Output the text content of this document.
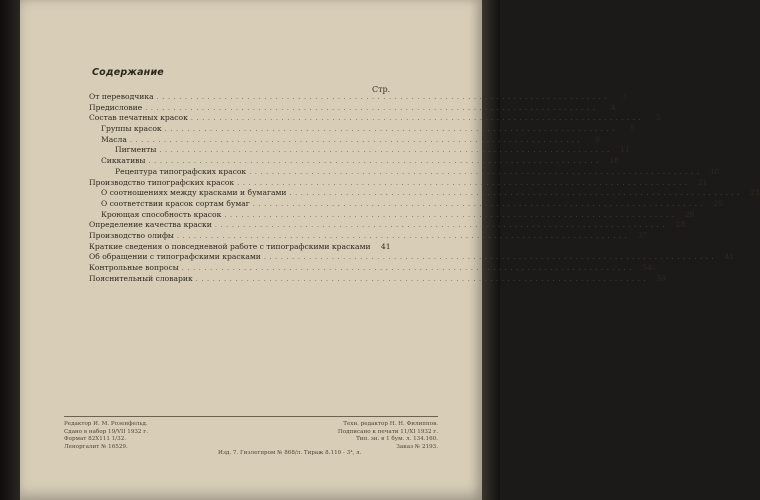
Содержание
Стр.
От переводчика ................................................................................	3
Предисловие ................................................................................	4
Состав печатных красок ................................................................................	5
Группы красок ................................................................................	5
Масла ................................................................................	8
Пигменты ................................................................................ 11
Сиккативы ................................................................................ 18
Рецептура типографских красок ................................................................................ 18
Производство типографских красок ................................................................................ 21
О соотношениях между красками и бумагами ................................................................................ 23
О соответствии красок сортам бумаг ................................................................................ 25
Кроющая способность красок ................................................................................ 26
Определение качества краски ................................................................................ 28
Производство олифы ................................................................................ 37
Краткие сведения о повседневной работе с типографскими красками	41
Об обращении с типографскими красками ................................................................................ 41
Контрольные вопросы ................................................................................ 54
Пояснительный словарик ................................................................................ 59
Редактор И. М. Розенфельд.
Сдано в набор 19/VII 1932 г.
Формат 82Х111 1/32.
Леноргалит № 16529.
Изд. 7. Гизлегпром № 868/л. Тираж 8.110 - 3⁴, л.
Техн. редактор Н. Н. Филиппов.
Подписано к печати 11/XI 1932 г.
Тип. зн. в 1 бум. л. 134.160.
Заказ № 2193.
